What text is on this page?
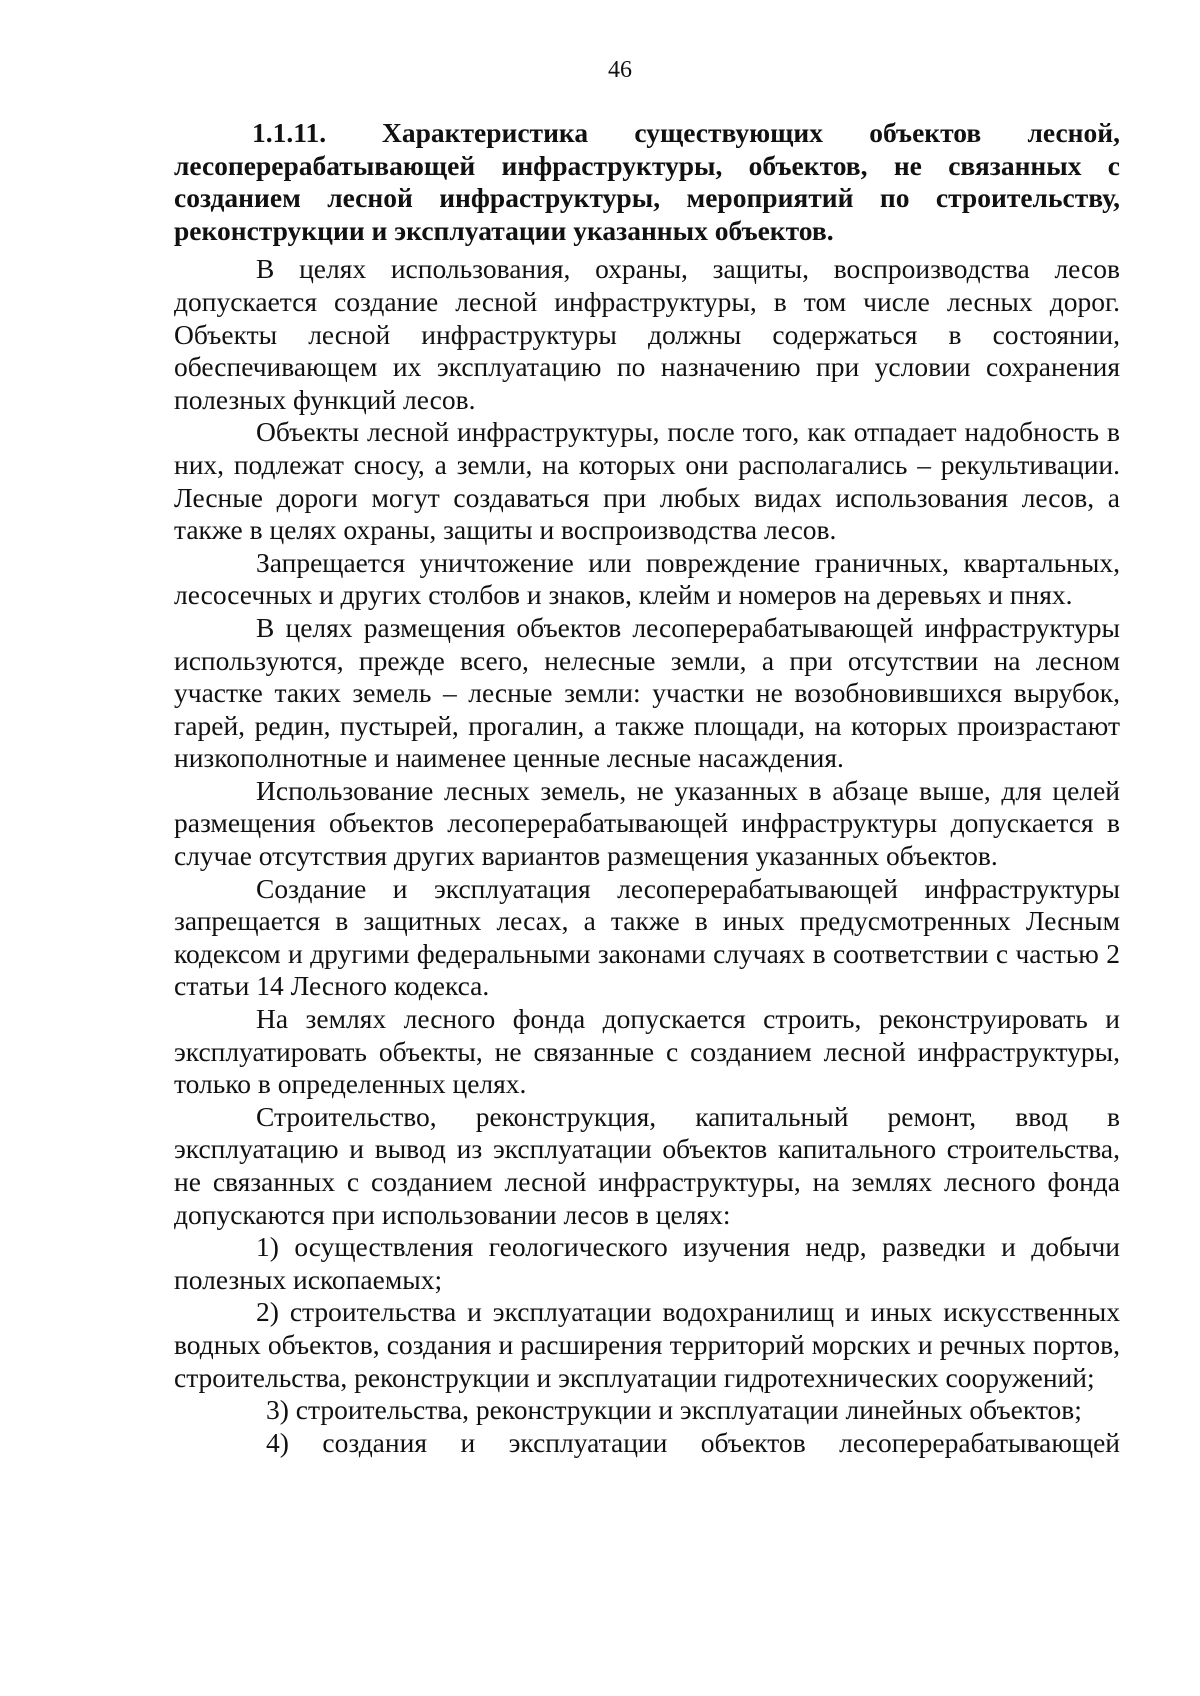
46

1.1.11. Характеристика существующих объектов лесной, лесоперерабатывающей инфраструктуры, объектов, не связанных с созданием лесной инфраструктуры, мероприятий по строительству, реконструкции и эксплуатации указанных объектов.

В целях использования, охраны, защиты, воспроизводства лесов допускается создание лесной инфраструктуры, в том числе лесных дорог. Объекты лесной инфраструктуры должны содержаться в состоянии, обеспечивающем их эксплуатацию по назначению при условии сохранения полезных функций лесов.

Объекты лесной инфраструктуры, после того, как отпадает надобность в них, подлежат сносу, а земли, на которых они располагались – рекультивации. Лесные дороги могут создаваться при любых видах использования лесов, а также в целях охраны, защиты и воспроизводства лесов.

Запрещается уничтожение или повреждение граничных, квартальных, лесосечных и других столбов и знаков, клейм и номеров на деревьях и пнях.

В целях размещения объектов лесоперерабатывающей инфраструктуры используются, прежде всего, нелесные земли, а при отсутствии на лесном участке таких земель – лесные земли: участки не возобновившихся вырубок, гарей, редин, пустырей, прогалин, а также площади, на которых произрастают низкополнотные и наименее ценные лесные насаждения.

Использование лесных земель, не указанных в абзаце выше, для целей размещения объектов лесоперерабатывающей инфраструктуры допускается в случае отсутствия других вариантов размещения указанных объектов.

Создание и эксплуатация лесоперерабатывающей инфраструктуры запрещается в защитных лесах, а также в иных предусмотренных Лесным кодексом и другими федеральными законами случаях в соответствии с частью 2 статьи 14 Лесного кодекса.

На землях лесного фонда допускается строить, реконструировать и эксплуатировать объекты, не связанные с созданием лесной инфраструктуры, только в определенных целях.

Строительство, реконструкция, капитальный ремонт, ввод в эксплуатацию и вывод из эксплуатации объектов капитального строительства, не связанных с созданием лесной инфраструктуры, на землях лесного фонда допускаются при использовании лесов в целях:

1) осуществления геологического изучения недр, разведки и добычи полезных ископаемых;

2) строительства и эксплуатации водохранилищ и иных искусственных водных объектов, создания и расширения территорий морских и речных портов, строительства, реконструкции и эксплуатации гидротехнических сооружений;

3) строительства, реконструкции и эксплуатации линейных объектов;

4) создания и эксплуатации объектов лесоперерабатывающей
